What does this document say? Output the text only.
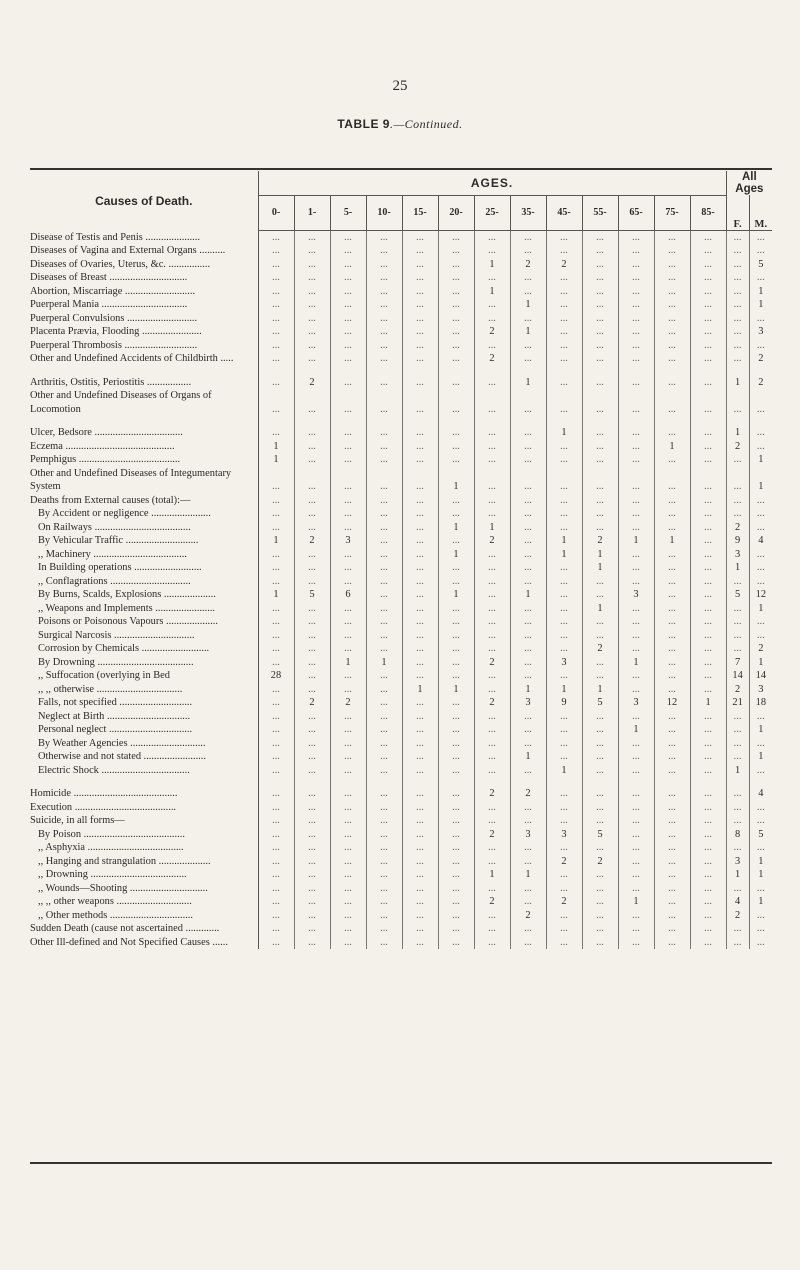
25
TABLE 9.—Continued.
Causes of Death.	AGES.													All
Ages	
	0-	1-	5-	10-	15-	20-	25-	35-	45-	55-	65-	75-	85-	F.	M.
Disease of Testis and Penis .....................	...	...	...	...	...	...	...	...	...	...	...	...	...	...	...
Diseases of Vagina and External Organs ..........	...	...	...	...	...	...	...	...	...	...	...	...	...	...	...
Diseases of Ovaries, Uterus, &c. ................	...	...	...	...	...	...	1	2	2	...	...	...	...	...	5
Diseases of Breast ..............................	...	...	...	...	...	...	...	...	...	...	...	...	...	...	...
Abortion, Miscarriage ...........................	...	...	...	...	...	...	1	...	...	...	...	...	...	...	1
Puerperal Mania .................................	...	...	...	...	...	...	...	1	...	...	...	...	...	...	1
Puerperal Convulsions ...........................	...	...	...	...	...	...	...	...	...	...	...	...	...	...	...
Placenta Prævia, Flooding .......................	...	...	...	...	...	...	2	1	...	...	...	...	...	...	3
Puerperal Thrombosis ............................	...	...	...	...	...	...	...	...	...	...	...	...	...	...	...
Other and Undefined Accidents of Childbirth .....	...	...	...	...	...	...	2	...	...	...	...	...	...	...	2

Arthritis, Ostitis, Periostitis .................	...	2	...	...	...	...	...	1	...	...	...	...	...	1	2
Other and Undefined Diseases of Organs of Locomotion	...	...	...	...	...	...	...	...	...	...	...	...	...	...	...

Ulcer, Bedsore ..................................	...	...	...	...	...	...	...	...	1	...	...	...	...	1	...
Eczema ..........................................	1	...	...	...	...	...	...	...	...	...	...	1	...	2	...
Pemphigus .......................................	1	...	...	...	...	...	...	...	...	...	...	...	...	...	1
Other and Undefined Diseases of Integumentary System	...	...	...	...	...	1	...	...	...	...	...	...	...	...	1
Deaths from External causes (total):—	...	...	...	...	...	...	...	...	...	...	...	...	...	...	...
By Accident or negligence .......................	...	...	...	...	...	...	...	...	...	...	...	...	...	...	...
On Railways .....................................	...	...	...	...	...	1	1	...	...	...	...	...	...	2	...
By Vehicular Traffic ............................	1	2	3	...	...	...	2	...	1	2	1	1	...	9	4
,, Machinery ....................................	...	...	...	...	...	1	...	...	1	1	...	...	...	3	...
In Building operations ..........................	...	...	...	...	...	...	...	...	...	1	...	...	...	1	...
,, Conflagrations ...............................	...	...	...	...	...	...	...	...	...	...	...	...	...	...	...
By Burns, Scalds, Explosions ....................	1	5	6	...	...	1	...	1	...	...	3	...	...	5	12
,, Weapons and Implements .......................	...	...	...	...	...	...	...	...	...	1	...	...	...	...	1
Poisons or Poisonous Vapours ....................	...	...	...	...	...	...	...	...	...	...	...	...	...	...	...
Surgical Narcosis ...............................	...	...	...	...	...	...	...	...	...	...	...	...	...	...	...
Corrosion by Chemicals ..........................	...	...	...	...	...	...	...	...	...	2	...	...	...	...	2
By Drowning .....................................	...	...	1	1	...	...	2	...	3	...	1	...	...	7	1
,, Suffocation (overlying in Bed	28	...	...	...	...	...	...	...	...	...	...	...	...	14	14
,, ,, otherwise .................................	...	...	...	...	1	1	...	1	1	1	...	...	...	2	3
Falls, not specified ............................	...	2	2	...	...	...	2	3	9	5	3	12	1	21	18
Neglect at Birth ................................	...	...	...	...	...	...	...	...	...	...	...	...	...	...	...
Personal neglect ................................	...	...	...	...	...	...	...	...	...	...	1	...	...	...	1
By Weather Agencies .............................	...	...	...	...	...	...	...	...	...	...	...	...	...	...	...
Otherwise and not stated ........................	...	...	...	...	...	...	...	1	...	...	...	...	...	...	1
Electric Shock ..................................	...	...	...	...	...	...	...	...	1	...	...	...	...	1	...

Homicide ........................................	...	...	...	...	...	...	2	2	...	...	...	...	...	...	4
Execution .......................................	...	...	...	...	...	...	...	...	...	...	...	...	...	...	...
Suicide, in all forms—	...	...	...	...	...	...	...	...	...	...	...	...	...	...	...
By Poison .......................................	...	...	...	...	...	...	2	3	3	5	...	...	...	8	5
,, Asphyxia .....................................	...	...	...	...	...	...	...	...	...	...	...	...	...	...	...
,, Hanging and strangulation ....................	...	...	...	...	...	...	...	...	2	2	...	...	...	3	1
,, Drowning .....................................	...	...	...	...	...	...	1	1	...	...	...	...	...	1	1
,, Wounds—Shooting ..............................	...	...	...	...	...	...	...	...	...	...	...	...	...	...	...
,, ,, other weapons .............................	...	...	...	...	...	...	2	...	2	...	1	...	...	4	1
,, Other methods ................................	...	...	...	...	...	...	...	2	...	...	...	...	...	2	...
Sudden Death (cause not ascertained .............	...	...	...	...	...	...	...	...	...	...	...	...	...	...	...
Other Ill-defined and Not Specified Causes ......	...	...	...	...	...	...	...	...	...	...	...	...	...	...	...
